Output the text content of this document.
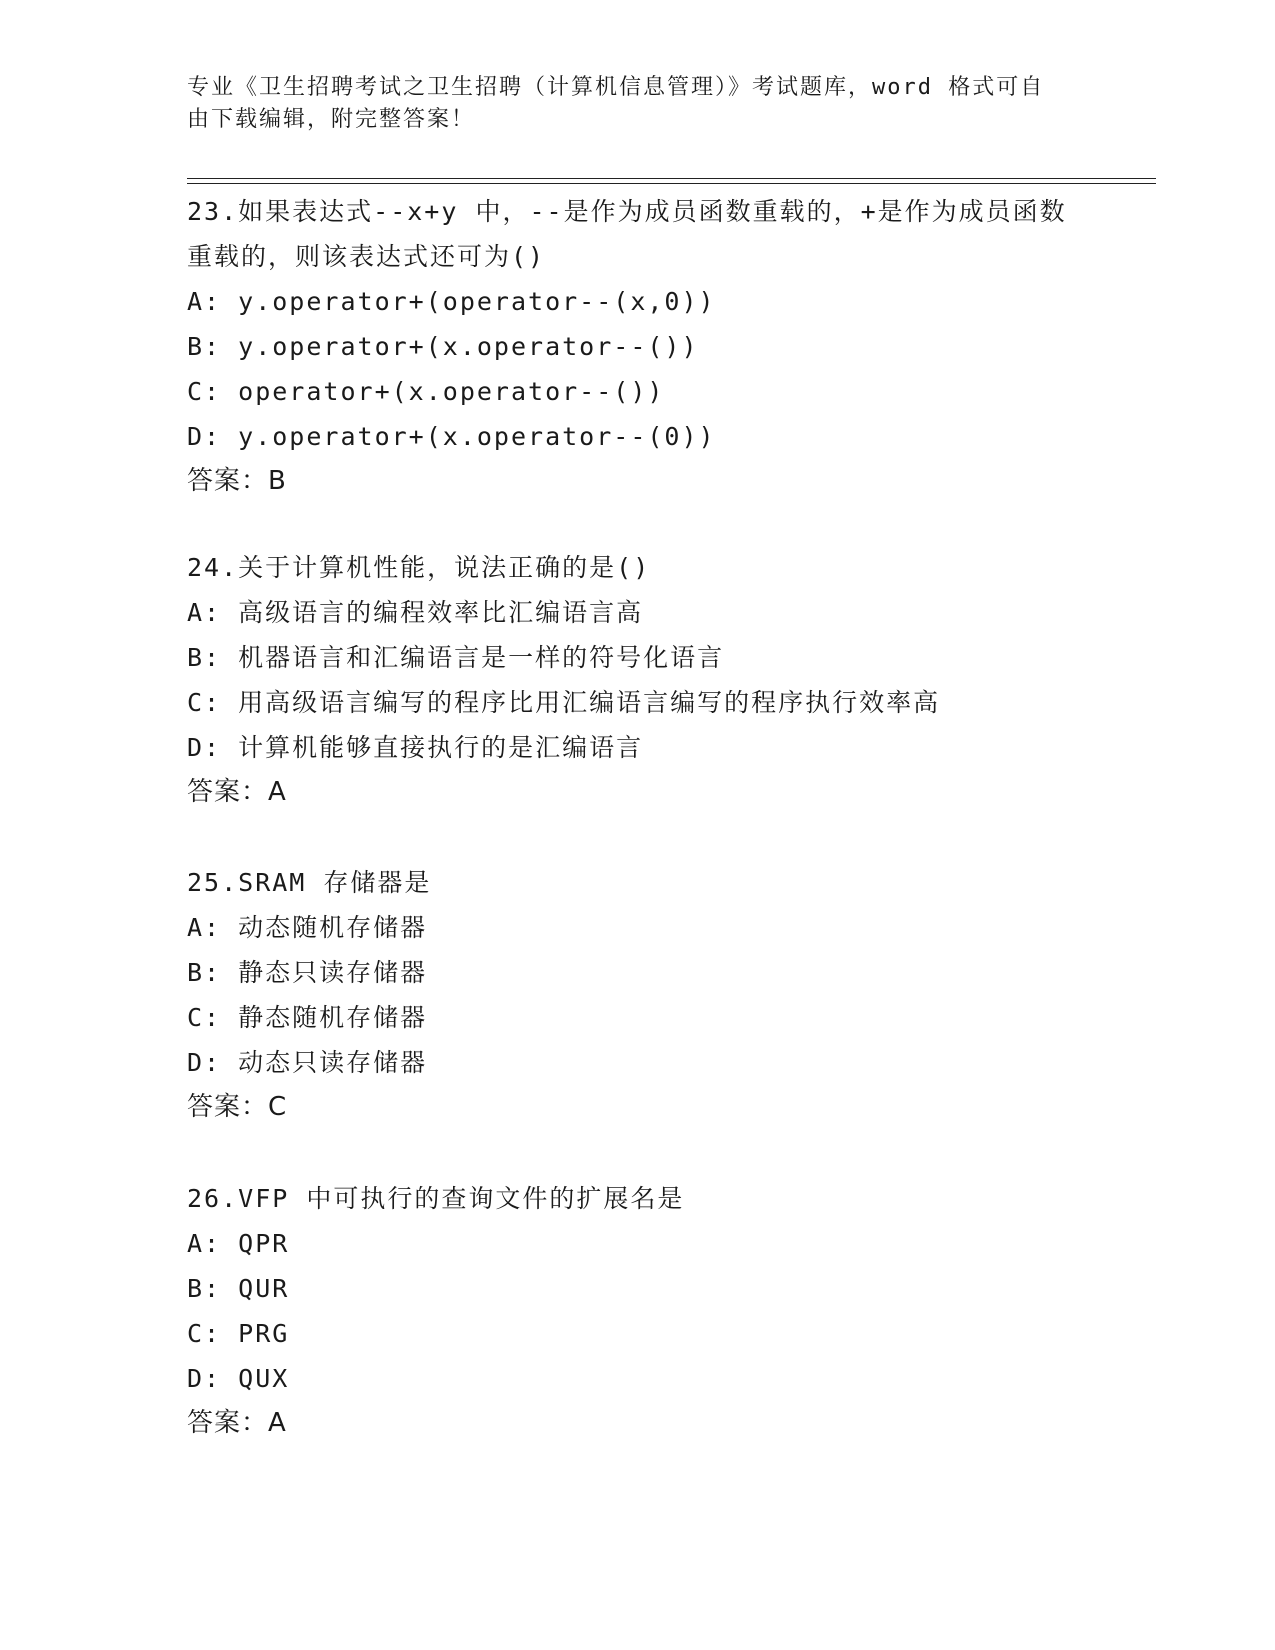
专业《卫生招聘考试之卫生招聘（计算机信息管理）》考试题库，word 格式可自
由下载编辑，附完整答案！
23.如果表达式--x+y 中，--是作为成员函数重载的，+是作为成员函数
重载的，则该表达式还可为()
A: y.operator+(operator--(x,0))
B: y.operator+(x.operator--())
C: operator+(x.operator--())
D: y.operator+(x.operator--(0))
答案：B
24.关于计算机性能，说法正确的是()
A: 高级语言的编程效率比汇编语言高
B: 机器语言和汇编语言是一样的符号化语言
C: 用高级语言编写的程序比用汇编语言编写的程序执行效率高
D: 计算机能够直接执行的是汇编语言
答案：A
25.SRAM 存储器是
A: 动态随机存储器
B: 静态只读存储器
C: 静态随机存储器
D: 动态只读存储器
答案：C
26.VFP 中可执行的查询文件的扩展名是
A: QPR
B: QUR
C: PRG
D: QUX
答案：A
